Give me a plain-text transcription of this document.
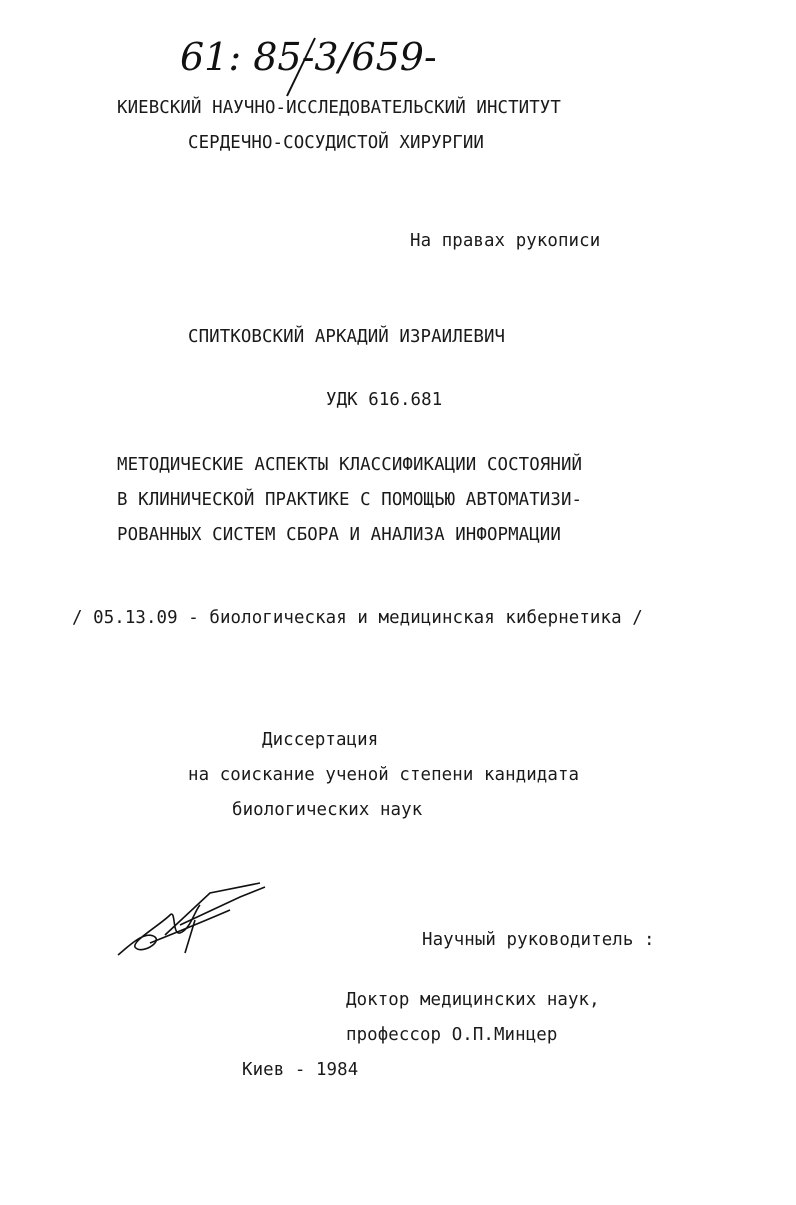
61: 85-3/659-6
КИЕВСКИЙ НАУЧНО-ИССЛЕДОВАТЕЛЬСКИЙ ИНСТИТУТ
СЕРДЕЧНО-СОСУДИСТОЙ ХИРУРГИИ
На правах рукописи
СПИТКОВСКИЙ АРКАДИЙ ИЗРАИЛЕВИЧ
УДК 616.681
МЕТОДИЧЕСКИЕ АСПЕКТЫ КЛАССИФИКАЦИИ СОСТОЯНИЙ
В КЛИНИЧЕСКОЙ ПРАКТИКЕ С ПОМОЩЬЮ АВТОМАТИЗИ-
РОВАННЫХ СИСТЕМ СБОРА И АНАЛИЗА ИНФОРМАЦИИ
/ 05.13.09 - биологическая и медицинская кибернетика /
Диссертация
на соискание ученой степени кандидата
биологических наук
Научный руководитель :
Доктор медицинских наук,
профессор О.П.Минцер
Киев - 1984
